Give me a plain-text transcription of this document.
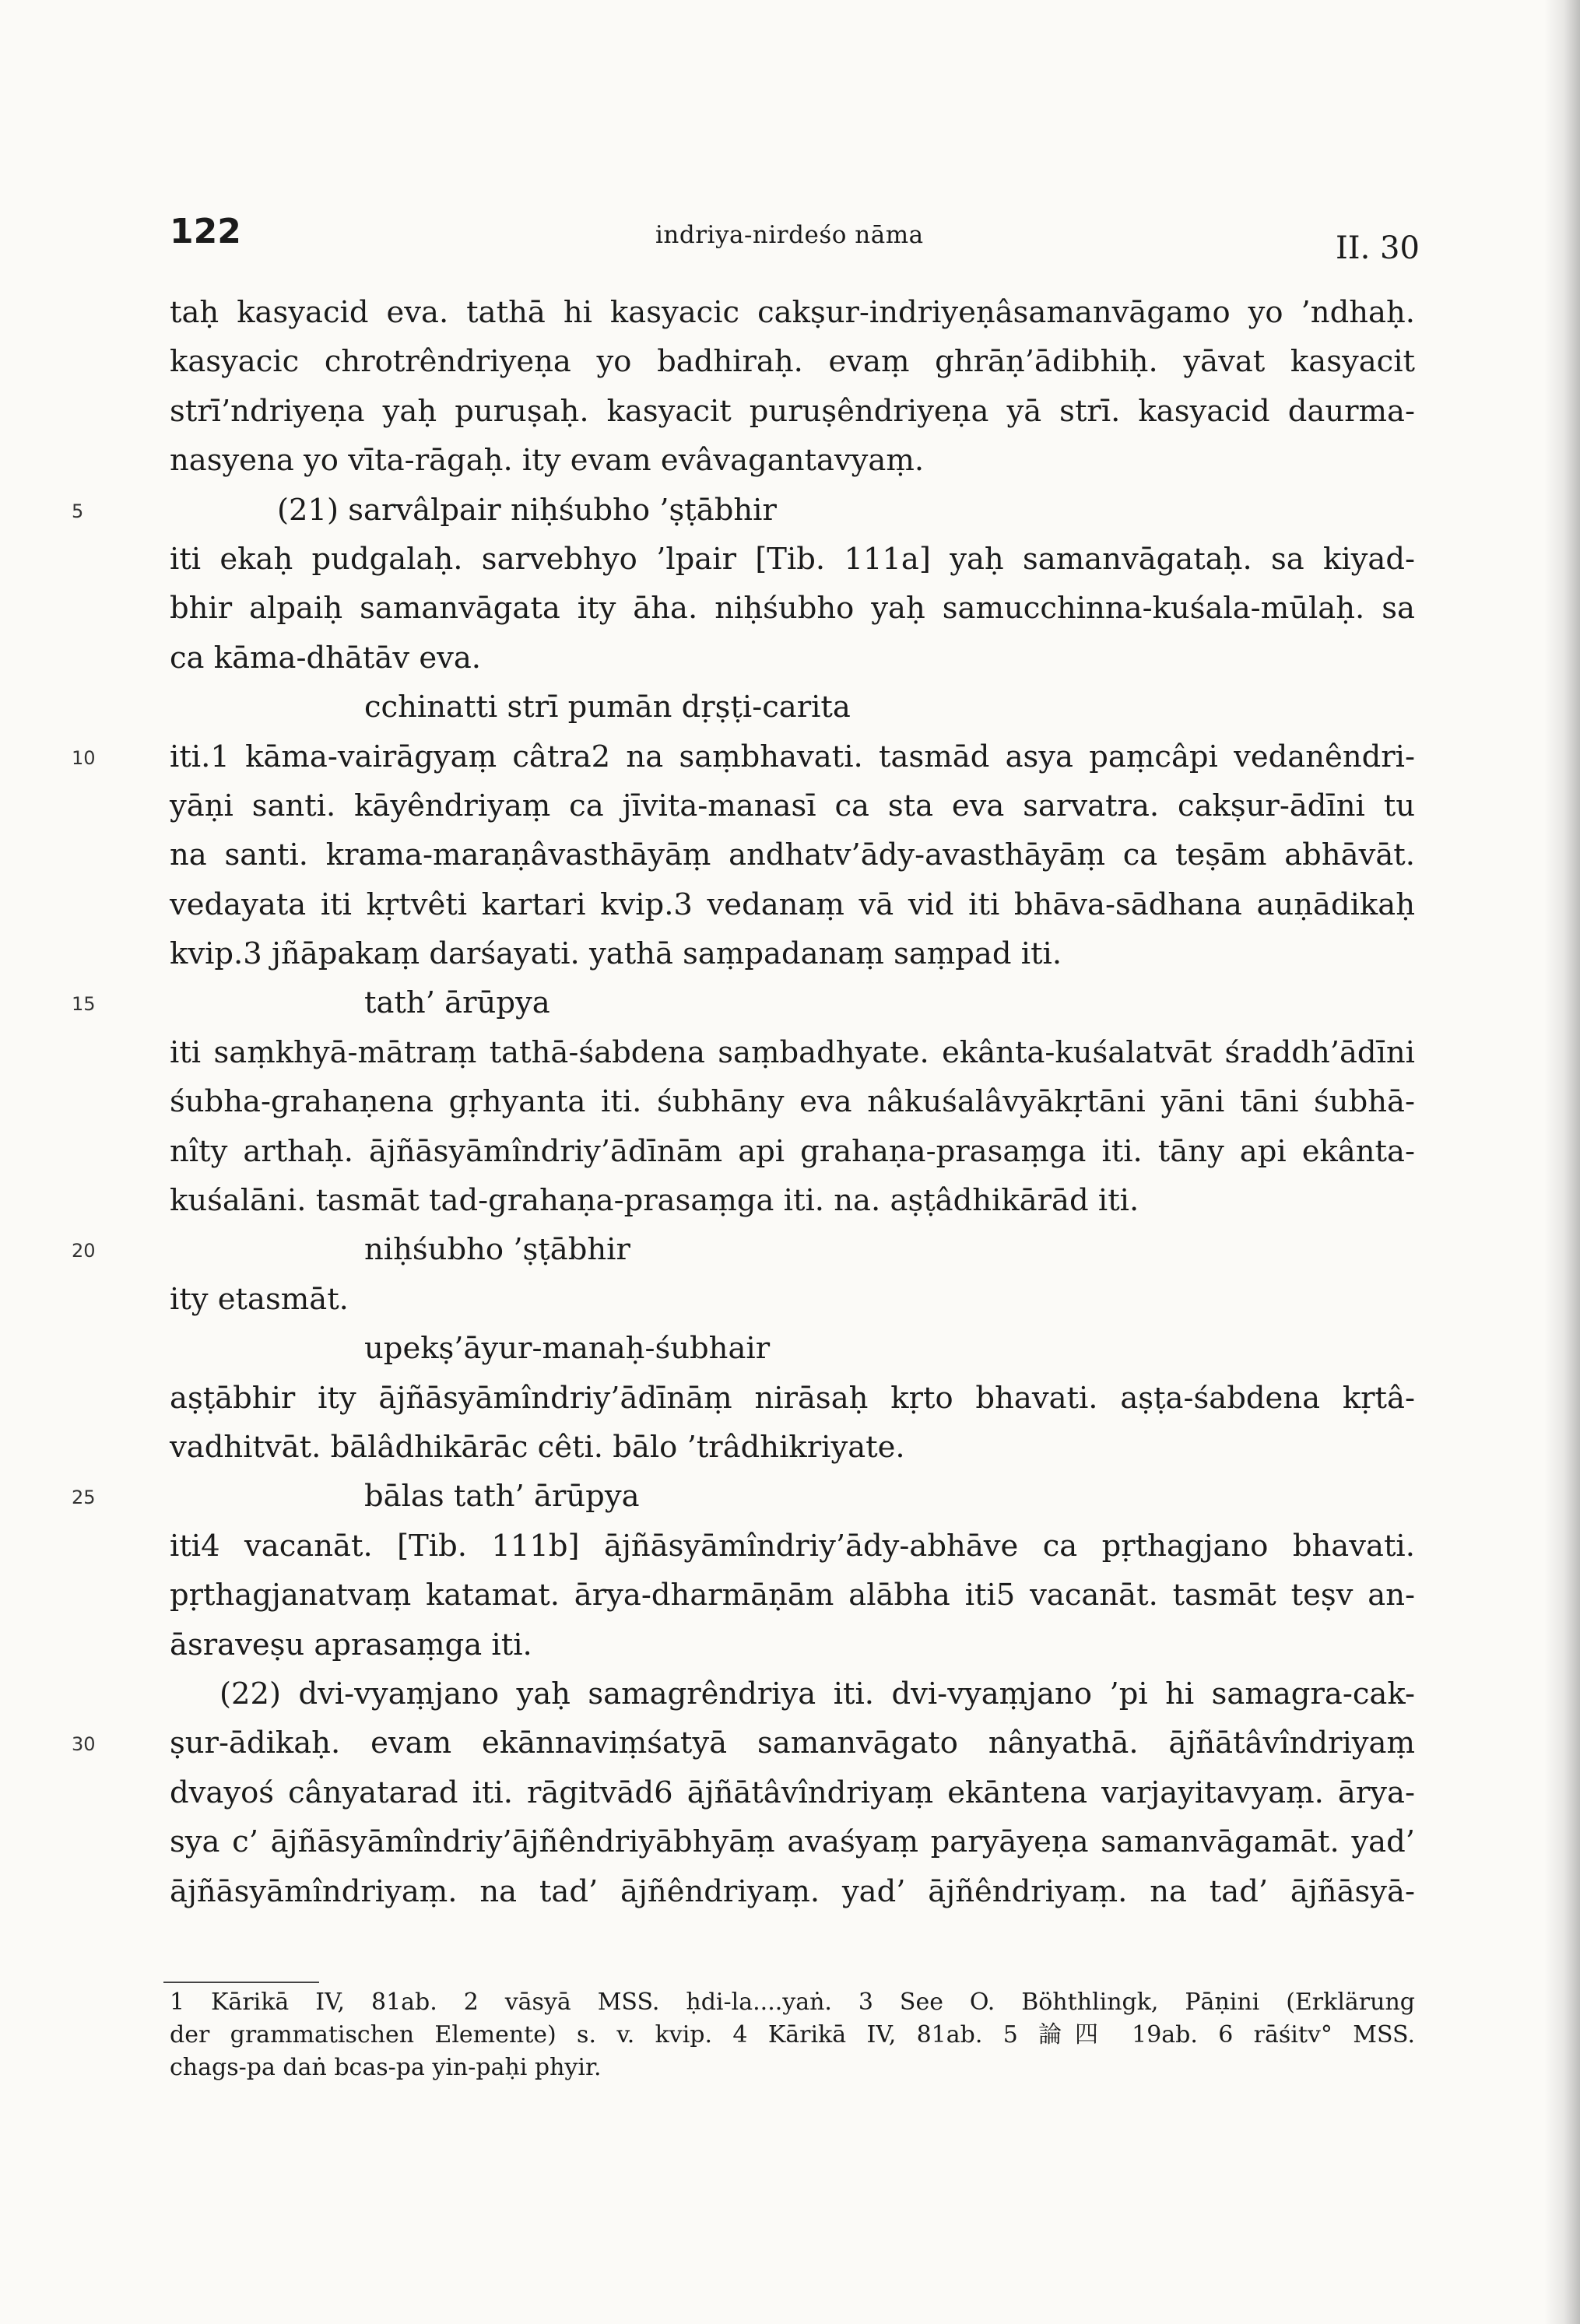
122	indriya-nirdeśo nāma	II. 30
taḥ kasyacid eva. tathā hi kasyacic cakṣur-indriyeṇâsamanvāgamo yo ’ndhaḥ.
kasyacic chrotrêndriyeṇa yo badhiraḥ. evaṃ ghrāṇ’ādibhiḥ. yāvat kasyacit
strī’ndriyeṇa yaḥ puruṣaḥ. kasyacit puruṣêndriyeṇa yā strī. kasyacid daurma-
nasyena yo vīta-rāgaḥ. ity evam evâvagantavyaṃ.
5	(21) sarvâlpair niḥśubho ’ṣṭābhir
iti ekaḥ pudgalaḥ. sarvebhyo ’lpair [Tib. 111a] yaḥ samanvāgataḥ. sa kiyad-
bhir alpaiḥ samanvāgata ity āha. niḥśubho yaḥ samucchinna-kuśala-mūlaḥ. sa
ca kāma-dhātāv eva.
cchinatti strī pumān dṛṣṭi-carita
10 iti.1 kāma-vairāgyaṃ câtra2 na saṃbhavati. tasmād asya paṃcâpi vedanêndri-
yāṇi santi. kāyêndriyaṃ ca jīvita-manasī ca sta eva sarvatra. cakṣur-ādīni tu
na santi. krama-maraṇâvasthāyāṃ andhatv’ādy-avasthāyāṃ ca teṣām abhāvāt.
vedayata iti kṛtvêti kartari kvip.3 vedanaṃ vā vid iti bhāva-sādhana auṇādikaḥ
kvip.3 jñāpakaṃ darśayati. yathā saṃpadanaṃ saṃpad iti.
15	tath’ ārūpya
iti saṃkhyā-mātraṃ tathā-śabdena saṃbadhyate. ekânta-kuśalatvāt śraddh’ādīni
śubha-grahaṇena gṛhyanta iti. śubhāny eva nâkuśalâvyākṛtāni yāni tāni śubhā-
nîty arthaḥ. ājñāsyāmîndriy’ādīnām api grahaṇa-prasaṃga iti. tāny api ekânta-
kuśalāni. tasmāt tad-grahaṇa-prasaṃga iti. na. aṣṭâdhikārād iti.
20	niḥśubho ’ṣṭābhir
ity etasmāt.
upekṣ’āyur-manaḥ-śubhair
aṣṭābhir ity ājñāsyāmîndriy’ādīnāṃ nirāsaḥ kṛto bhavati. aṣṭa-śabdena kṛtâ-
vadhitvāt. bālâdhikārāc cêti. bālo ’trâdhikriyate.
25	bālas tath’ ārūpya
iti4 vacanāt. [Tib. 111b] ājñāsyāmîndriy’ādy-abhāve ca pṛthagjano bhavati.
pṛthagjanatvaṃ katamat. ārya-dharmāṇām alābha iti5 vacanāt. tasmāt teṣv an-
āsraveṣu aprasaṃga iti.
(22) dvi-vyaṃjano yaḥ samagrêndriya iti. dvi-vyaṃjano ’pi hi samagra-cak-
30 ṣur-ādikaḥ. evam ekānnaviṃśatyā samanvāgato nânyathā. ājñātâvîndriyaṃ
dvayoś cânyatarad iti. rāgitvād6 ājñātâvîndriyaṃ ekāntena varjayitavyaṃ. ārya-
sya c’ ājñāsyāmîndriy’ājñêndriyābhyāṃ avaśyaṃ paryāyeṇa samanvāgamāt. yad’
ājñāsyāmîndriyaṃ. na tad’ ājñêndriyaṃ. yad’ ājñêndriyaṃ. na tad’ ājñāsyā-
1 Kārikā IV, 81ab. 2 vāsyā MSS. ḥdi-la....yaṅ. 3 See O. Böhthlingk, Pāṇini (Erklärung
der grammatischen Elemente) s. v. kvip. 4 Kārikā IV, 81ab. 5 論四 19ab. 6 rāśitv° MSS.
chags-pa daṅ bcas-pa yin-paḥi phyir.
